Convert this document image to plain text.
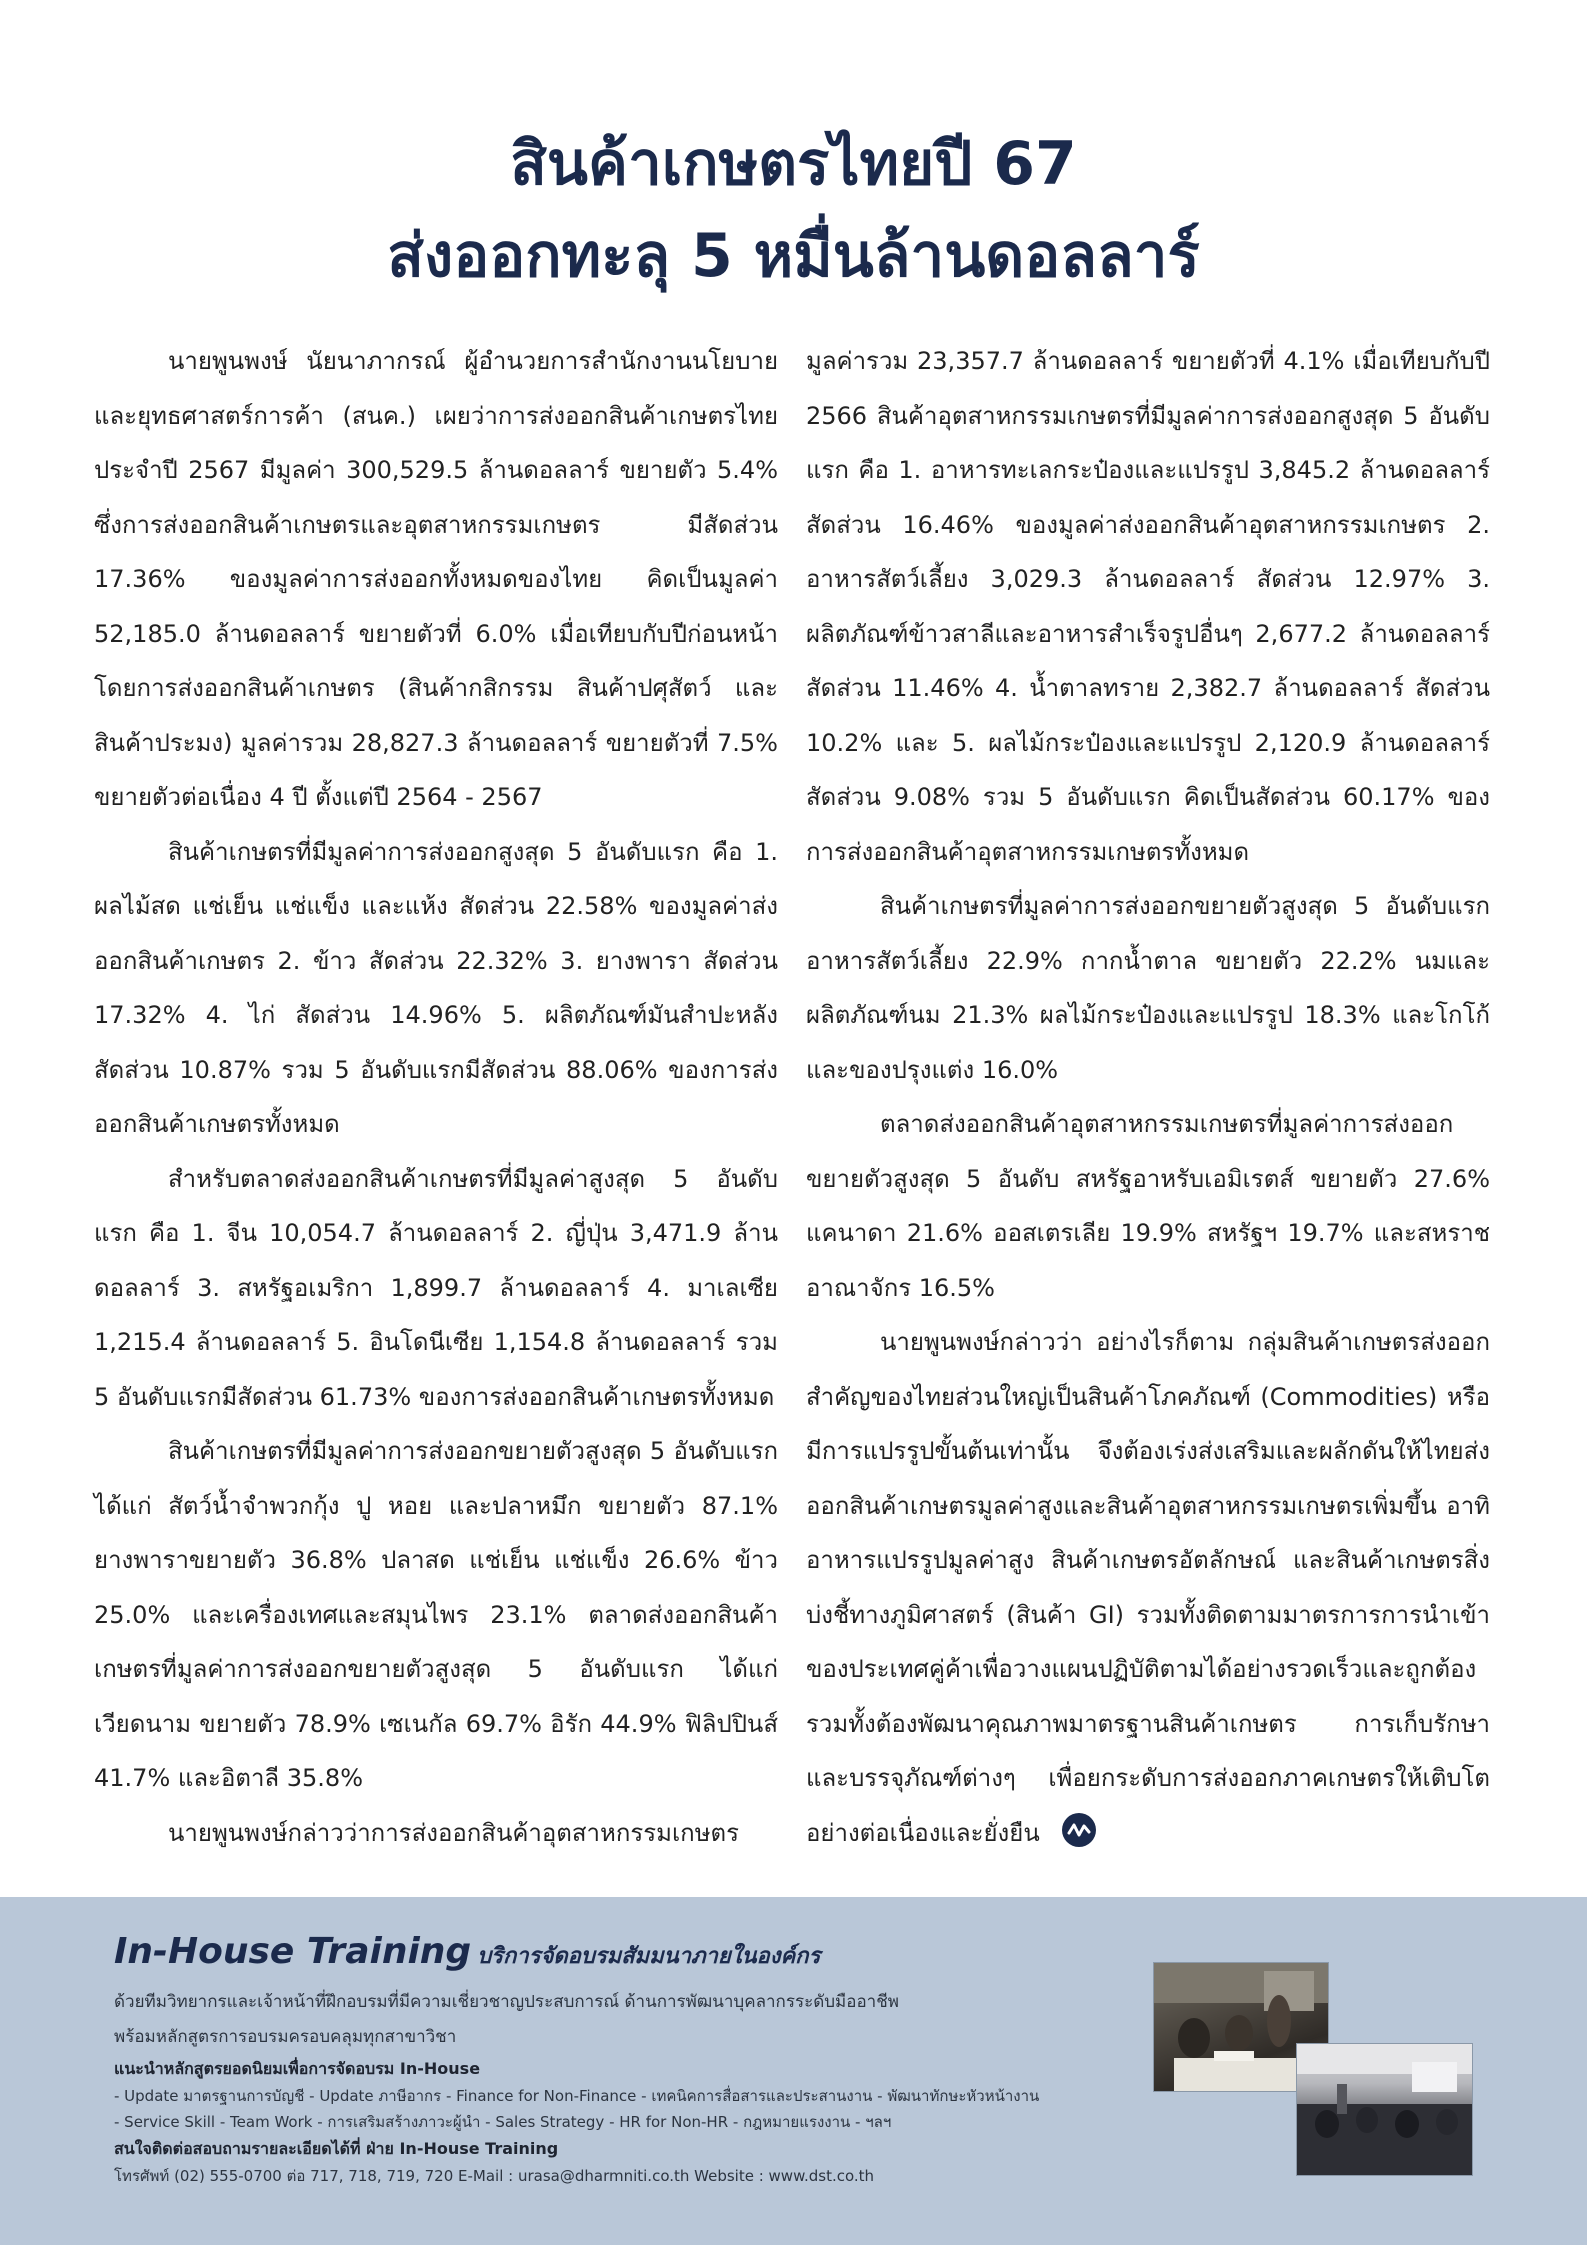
สินค้าเกษตรไทยปี 67
ส่งออกทะลุ 5 หมื่นล้านดอลลาร์

นายพูนพงษ์ นัยนาภากรณ์ ผู้อำนวยการสำนักงานนโยบายและยุทธศาสตร์การค้า (สนค.) เผยว่าการส่งออกสินค้าเกษตรไทยประจำปี 2567 มีมูลค่า 300,529.5 ล้านดอลลาร์ ขยายตัว 5.4% ซึ่งการส่งออกสินค้าเกษตรและอุตสาหกรรมเกษตร มีสัดส่วน 17.36% ของมูลค่าการส่งออกทั้งหมดของไทย คิดเป็นมูลค่า 52,185.0 ล้านดอลลาร์ ขยายตัวที่ 6.0% เมื่อเทียบกับปีก่อนหน้า โดยการส่งออกสินค้าเกษตร (สินค้ากสิกรรม สินค้าปศุสัตว์ และสินค้าประมง) มูลค่ารวม 28,827.3 ล้านดอลลาร์ ขยายตัวที่ 7.5% ขยายตัวต่อเนื่อง 4 ปี ตั้งแต่ปี 2564 - 2567

สินค้าเกษตรที่มีมูลค่าการส่งออกสูงสุด 5 อันดับแรก คือ 1. ผลไม้สด แช่เย็น แช่แข็ง และแห้ง สัดส่วน 22.58% ของมูลค่าส่งออกสินค้าเกษตร 2. ข้าว สัดส่วน 22.32% 3. ยางพารา สัดส่วน 17.32% 4. ไก่ สัดส่วน 14.96% 5. ผลิตภัณฑ์มันสำปะหลัง สัดส่วน 10.87% รวม 5 อันดับแรกมีสัดส่วน 88.06% ของการส่งออกสินค้าเกษตรทั้งหมด

สำหรับตลาดส่งออกสินค้าเกษตรที่มีมูลค่าสูงสุด 5 อันดับแรก คือ 1. จีน 10,054.7 ล้านดอลลาร์ 2. ญี่ปุ่น 3,471.9 ล้านดอลลาร์ 3. สหรัฐอเมริกา 1,899.7 ล้านดอลลาร์ 4. มาเลเซีย 1,215.4 ล้านดอลลาร์ 5. อินโดนีเซีย 1,154.8 ล้านดอลลาร์ รวม 5 อันดับแรกมีสัดส่วน 61.73% ของการส่งออกสินค้าเกษตรทั้งหมด

สินค้าเกษตรที่มีมูลค่าการส่งออกขยายตัวสูงสุด 5 อันดับแรก ได้แก่ สัตว์น้ำจำพวกกุ้ง ปู หอย และปลาหมึก ขยายตัว 87.1% ยางพาราขยายตัว 36.8% ปลาสด แช่เย็น แช่แข็ง 26.6% ข้าว 25.0% และเครื่องเทศและสมุนไพร 23.1% ตลาดส่งออกสินค้าเกษตรที่มูลค่าการส่งออกขยายตัวสูงสุด 5 อันดับแรก ได้แก่ เวียดนาม ขยายตัว 78.9% เซเนกัล 69.7% อิรัก 44.9% ฟิลิปปินส์ 41.7% และอิตาลี 35.8%

นายพูนพงษ์กล่าวว่าการส่งออกสินค้าอุตสาหกรรมเกษตร

มูลค่ารวม 23,357.7 ล้านดอลลาร์ ขยายตัวที่ 4.1% เมื่อเทียบกับปี 2566 สินค้าอุตสาหกรรมเกษตรที่มีมูลค่าการส่งออกสูงสุด 5 อันดับแรก คือ 1. อาหารทะเลกระป๋องและแปรรูป 3,845.2 ล้านดอลลาร์ สัดส่วน 16.46% ของมูลค่าส่งออกสินค้าอุตสาหกรรมเกษตร 2. อาหารสัตว์เลี้ยง 3,029.3 ล้านดอลลาร์ สัดส่วน 12.97% 3. ผลิตภัณฑ์ข้าวสาลีและอาหารสำเร็จรูปอื่นๆ 2,677.2 ล้านดอลลาร์ สัดส่วน 11.46% 4. น้ำตาลทราย 2,382.7 ล้านดอลลาร์ สัดส่วน 10.2% และ 5. ผลไม้กระป๋องและแปรรูป 2,120.9 ล้านดอลลาร์ สัดส่วน 9.08% รวม 5 อันดับแรก คิดเป็นสัดส่วน 60.17% ของการส่งออกสินค้าอุตสาหกรรมเกษตรทั้งหมด

สินค้าเกษตรที่มูลค่าการส่งออกขยายตัวสูงสุด 5 อันดับแรก อาหารสัตว์เลี้ยง 22.9% กากน้ำตาล ขยายตัว 22.2% นมและผลิตภัณฑ์นม 21.3% ผลไม้กระป๋องและแปรรูป 18.3% และโกโก้และของปรุงแต่ง 16.0%

ตลาดส่งออกสินค้าอุตสาหกรรมเกษตรที่มูลค่าการส่งออกขยายตัวสูงสุด 5 อันดับ สหรัฐอาหรับเอมิเรตส์ ขยายตัว 27.6% แคนาดา 21.6% ออสเตรเลีย 19.9% สหรัฐฯ 19.7% และสหราชอาณาจักร 16.5%

นายพูนพงษ์กล่าวว่า อย่างไรก็ตาม กลุ่มสินค้าเกษตรส่งออกสำคัญของไทยส่วนใหญ่เป็นสินค้าโภคภัณฑ์ (Commodities) หรือมีการแปรรูปขั้นต้นเท่านั้น จึงต้องเร่งส่งเสริมและผลักดันให้ไทยส่งออกสินค้าเกษตรมูลค่าสูงและสินค้าอุตสาหกรรมเกษตรเพิ่มขึ้น อาทิ อาหารแปรรูปมูลค่าสูง สินค้าเกษตรอัตลักษณ์ และสินค้าเกษตรสิ่งบ่งชี้ทางภูมิศาสตร์ (สินค้า GI) รวมทั้งติดตามมาตรการการนำเข้าของประเทศคู่ค้าเพื่อวางแผนปฏิบัติตามได้อย่างรวดเร็วและถูกต้อง รวมทั้งต้องพัฒนาคุณภาพมาตรฐานสินค้าเกษตร การเก็บรักษา และบรรจุภัณฑ์ต่างๆ เพื่อยกระดับการส่งออกภาคเกษตรให้เติบโตอย่างต่อเนื่องและยั่งยืน

In-House Training บริการจัดอบรมสัมมนาภายในองค์กร
ด้วยทีมวิทยากรและเจ้าหน้าที่ฝึกอบรมที่มีความเชี่ยวชาญประสบการณ์ ด้านการพัฒนาบุคลากรระดับมืออาชีพ
พร้อมหลักสูตรการอบรมครอบคลุมทุกสาขาวิชา
แนะนำหลักสูตรยอดนิยมเพื่อการจัดอบรม In-House
- Update มาตรฐานการบัญชี - Update ภาษีอากร - Finance for Non-Finance - เทคนิคการสื่อสารและประสานงาน - พัฒนาทักษะหัวหน้างาน
- Service Skill - Team Work - การเสริมสร้างภาวะผู้นำ - Sales Strategy - HR for Non-HR - กฎหมายแรงงาน - ฯลฯ
สนใจติดต่อสอบถามรายละเอียดได้ที่ ฝ่าย In-House Training
โทรศัพท์ (02) 555-0700 ต่อ 717, 718, 719, 720 E-Mail : urasa@dharmniti.co.th Website : www.dst.co.th
